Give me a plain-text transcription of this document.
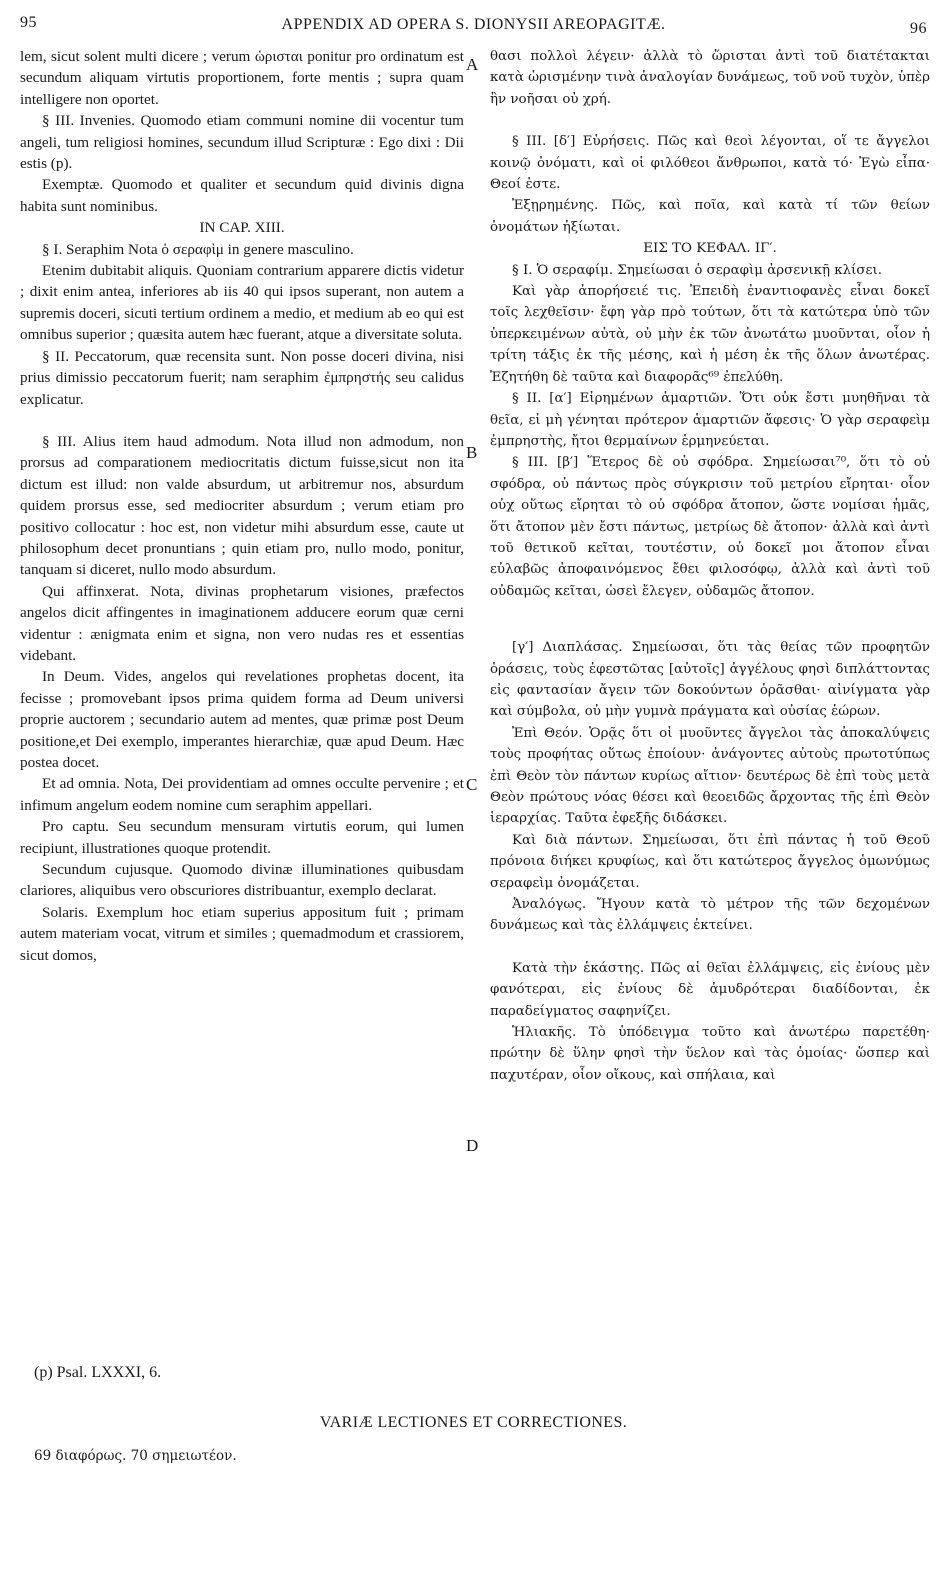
95	APPENDIX AD OPERA S. DIONYSII AREOPAGITÆ.	96

lem, sicut solent multi dicere ; verum ὡρισται ponitur pro ordinatum est secundum aliquam virtutis proportionem, forte mentis ; supra quam intelligere non oportet.

§ III. Invenies. Quomodo etiam communi nomine dii vocentur tum angeli, tum religiosi homines, secundum illud Scripturæ : Ego dixi : Dii estis (p).

Exemptæ. Quomodo et qualiter et secundum quid divinis digna habita sunt nominibus.

IN CAP. XIII.

§ I. Seraphim Nota ὁ σεραφὶμ in genere masculino.

Etenim dubitabit aliquis. Quoniam contrarium apparere dictis videtur ; dixit enim antea, inferiores ab iis 40 qui ipsos superant, non autem a supremis doceri, sicuti tertium ordinem a medio, et medium ab eo qui est omnibus superior ; quæsita autem hæc fuerant, atque a diversitate soluta.

§ II. Peccatorum, quæ recensita sunt. Non posse doceri divina, nisi prius dimissio peccatorum fuerit; nam seraphim ἐμπρηστής seu calidus explicatur.

§ III. Alius item haud admodum. Nota illud non admodum, non prorsus ad comparationem mediocritatis dictum fuisse,sicut non ita dictum est illud: non valde absurdum, ut arbitremur nos, absurdum quidem prorsus esse, sed mediocriter absurdum ; verum etiam pro positivo collocatur : hoc est, non videtur mihi absurdum esse, caute ut philosophum decet pronuntians ; quin etiam pro, nullo modo, ponitur, tanquam si diceret, nullo modo absurdum.

Qui affinxerat. Nota, divinas prophetarum visiones, præfectos angelos dicit affingentes in imaginationem adducere eorum quæ cerni videntur : ænigmata enim et signa, non vero nudas res et essentias videbant.

In Deum. Vides, angelos qui revelationes prophetas docent, ita fecisse ; promovebant ipsos prima quidem forma ad Deum universi proprie auctorem ; secundario autem ad mentes, quæ primæ post Deum positione,et Dei exemplo, imperantes hierarchiæ, quæ apud Deum. Hæc postea docet.

Et ad omnia. Nota, Dei providentiam ad omnes occulte pervenire ; et infimum angelum eodem nomine cum seraphim appellari.

Pro captu. Seu secundum mensuram virtutis eorum, qui lumen recipiunt, illustrationes quoque protendit.

Secundum cujusque. Quomodo divinæ illuminationes quibusdam clariores, aliquibus vero obscuriores distribuantur, exemplo declarat.

Solaris. Exemplum hoc etiam superius appositum fuit ; primam autem materiam vocat, vitrum et similes ; quemadmodum et crassiorem, sicut domos,

A
B
C
D

θασι πολλοὶ λέγειν· ἀλλὰ τὸ ὥρισται ἀντὶ τοῦ διατέτακται κατὰ ὡρισμένην τινὰ ἀναλογίαν δυνάμεως, τοῦ νοῦ τυχὸν, ὑπὲρ ἣν νοῆσαι οὐ χρή.

§ III. [δ′] Εὑρήσεις. Πῶς καὶ θεοὶ λέγονται, οἵ τε ἄγγελοι κοινῷ ὀνόματι, καὶ οἱ φιλόθεοι ἄνθρωποι, κατὰ τό· Ἐγὼ εἶπα· Θεοί ἐστε.

Ἐξῃρημένης. Πῶς, καὶ ποῖα, καὶ κατὰ τί τῶν θείων ὀνομάτων ἠξίωται.

ΕΙΣ ΤΟ ΚΕΦΑΛ. ΙΓ′.

§ I. Ὁ σεραφίμ. Σημείωσαι ὁ σεραφὶμ ἀρσενικῇ κλίσει.

Καὶ γὰρ ἀπορήσειέ τις. Ἐπειδὴ ἐναντιοφανὲς εἶναι δοκεῖ τοῖς λεχθεῖσιν· ἔφη γὰρ πρὸ τούτων, ὅτι τὰ κατώτερα ὑπὸ τῶν ὑπερκειμένων αὐτὰ, οὐ μὴν ἐκ τῶν ἀνωτάτω μυοῦνται, οἷον ἡ τρίτη τάξις ἐκ τῆς μέσης, καὶ ἡ μέση ἐκ τῆς ὅλων ἀνωτέρας. Ἐζητήθη δὲ ταῦτα καὶ διαφορᾶς⁶⁹ ἐπελύθη.

§ II. [α′] Εἰρημένων ἁμαρτιῶν. Ὅτι οὐκ ἔστι μυηθῆναι τὰ θεῖα, εἰ μὴ γένηται πρότερον ἁμαρτιῶν ἄφεσις· Ὁ γὰρ σεραφεὶμ ἐμπρηστὴς, ἤτοι θερμαίνων ἑρμηνεύεται.

§ III. [β′] Ἕτερος δὲ οὐ σφόδρα. Σημείωσαι⁷⁰, ὅτι τὸ οὐ σφόδρα, οὐ πάντως πρὸς σύγκρισιν τοῦ μετρίου εἴρηται· οἷον οὐχ οὕτως εἴρηται τὸ οὐ σφόδρα ἄτοπον, ὥστε νομίσαι ἡμᾶς, ὅτι ἄτοπον μὲν ἔστι πάντως, μετρίως δὲ ἄτοπον· ἀλλὰ καὶ ἀντὶ τοῦ θετικοῦ κεῖται, τουτέστιν, οὐ δοκεῖ μοι ἄτοπον εἶναι εὐλαβῶς ἀποφαινόμενος ἔθει φιλοσόφῳ, ἀλλὰ καὶ ἀντὶ τοῦ οὐδαμῶς κεῖται, ὡσεὶ ἔλεγεν, οὐδαμῶς ἄτοπον.

[γ′] Διαπλάσας. Σημείωσαι, ὅτι τὰς θείας τῶν προφητῶν ὁράσεις, τοὺς ἐφεστῶτας [αὐτοῖς] ἀγγέλους φησὶ διπλάττοντας εἰς φαντασίαν ἄγειν τῶν δοκούντων ὁρᾶσθαι· αἰνίγματα γὰρ καὶ σύμβολα, οὐ μὴν γυμνὰ πράγματα καὶ οὐσίας ἑώρων.

Ἐπὶ Θεόν. Ὁρᾷς ὅτι οἱ μυοῦντες ἄγγελοι τὰς ἀποκαλύψεις τοὺς προφήτας οὕτως ἐποίουν· ἀνάγοντες αὐτοὺς πρωτοτύπως ἐπὶ Θεὸν τὸν πάντων κυρίως αἴτιον· δευτέρως δὲ ἐπὶ τοὺς μετὰ Θεὸν πρώτους νόας θέσει καὶ θεοειδῶς ἄρχοντας τῆς ἐπὶ Θεὸν ἱεραρχίας. Ταῦτα ἐφεξῆς διδάσκει.

Καὶ διὰ πάντων. Σημείωσαι, ὅτι ἐπὶ πάντας ἡ τοῦ Θεοῦ πρόνοια διήκει κρυφίως, καὶ ὅτι κατώτερος ἄγγελος ὁμωνύμως σεραφεὶμ ὀνομάζεται.

Ἀναλόγως. Ἤγουν κατὰ τὸ μέτρον τῆς τῶν δεχομένων δυνάμεως καὶ τὰς ἐλλάμψεις ἐκτείνει.

Κατὰ τὴν ἑκάστης. Πῶς αἱ θεῖαι ἐλλάμψεις, εἰς ἐνίους μὲν φανότεραι, εἰς ἐνίους δὲ ἀμυδρότεραι διαδίδονται, ἐκ παραδείγματος σαφηνίζει.

Ἡλιακῆς. Τὸ ὑπόδειγμα τοῦτο καὶ ἀνωτέρω παρετέθη· πρώτην δὲ ὕλην φησὶ τὴν ὕελον καὶ τὰς ὁμοίας· ὥσπερ καὶ παχυτέραν, οἷον οἴκους, καὶ σπήλαια, καὶ

(p) Psal. LXXXI, 6.
VARIÆ LECTIONES ET CORRECTIONES.
69 διαφόρως. 70 σημειωτέον.
